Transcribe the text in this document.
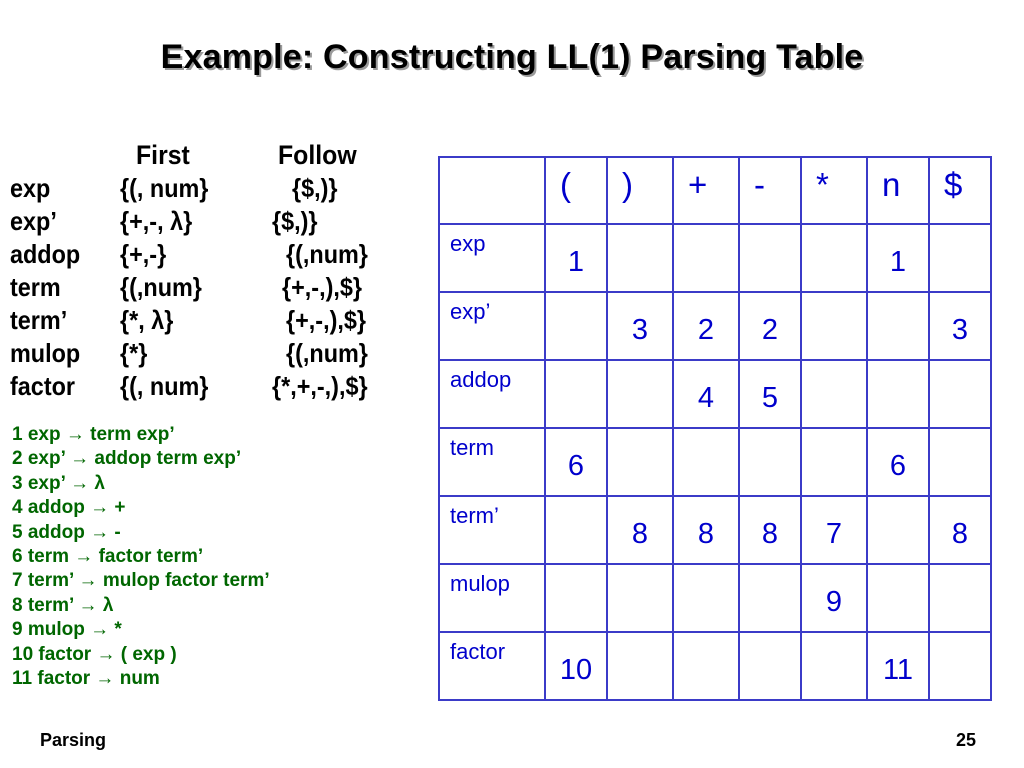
Example: Constructing LL(1) Parsing Table
First	Follow
exp	{(, num}	{$,)}
exp’ {+,-, λ}	{$,)}
addop {+,-}	{(,num}
term {(,num}	{+,-,),$}
term’ {*, λ}	{+,-,),$}
mulop {*}	{(,num}
factor {(, num} {*,+,-,),$}
1 exp → term exp’
2 exp’ → addop term exp’
3 exp’ → λ
4 addop → +
5 addop → -
6 term → factor term’
7 term’ → mulop factor term’
8 term’ → λ
9 mulop → *
10 factor → ( exp )
11 factor → num
	(	)	+	-	*	n	$
exp	1					1	
exp’		3	2	2			3
addop			4	5			
term	6					6	
term’		8	8	8	7		8
mulop					9		
factor	10					11	
Parsing	25
